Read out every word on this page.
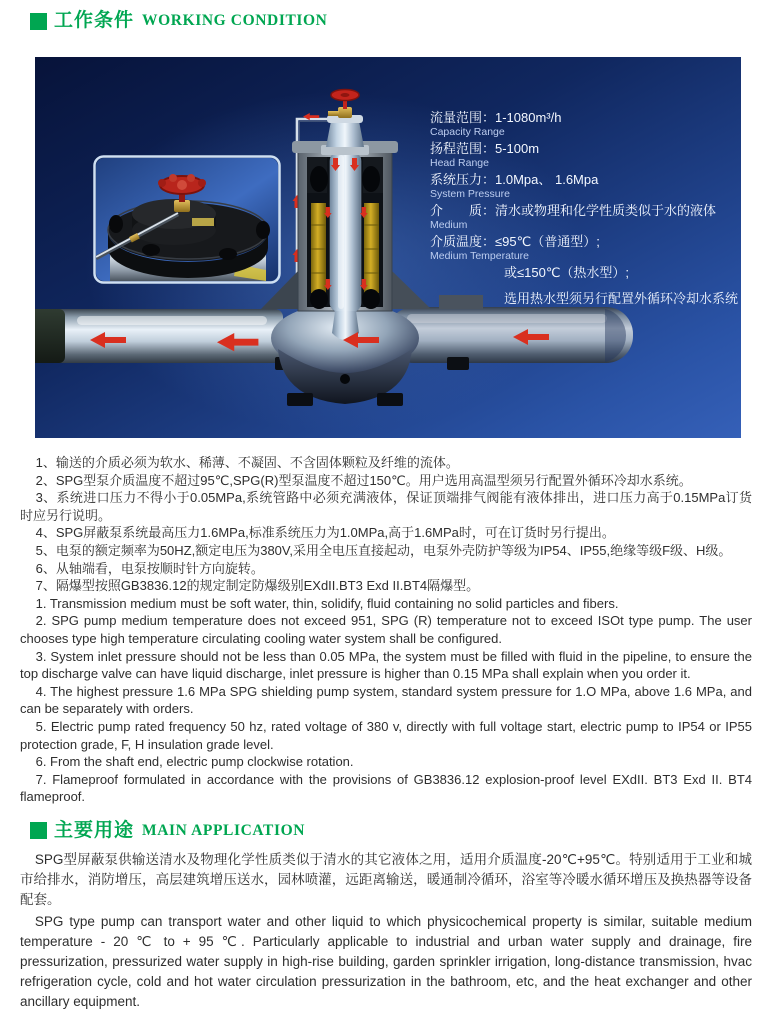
工作条件 WORKING CONDITION
流量范围：1-1080m³/h
Capacity Range
扬程范围：5-100m
Head Range
系统压力：1.0Mpa、 1.6Mpa
System Pressure
介　　质：清水或物理和化学性质类似于水的液体
Medium
介质温度：≤95℃（普通型）;
Medium Temperature
或≤150℃（热水型）;
选用热水型须另行配置外循环冷却水系统

1、输送的介质必须为软水、稀薄、不凝固、不含固体颗粒及纤维的流体。

2、SPG型泵介质温度不超过95℃,SPG(R)型泵温度不超过150℃。用户选用高温型须另行配置外循环冷却水系统。

3、系统进口压力不得小于0.05MPa,系统管路中必须充满液体，保证顶端排气阀能有液体排出，进口压力高于0.15MPa订货 时应另行说明。

4、SPG屏蔽泵系统最高压力1.6MPa,标准系统压力为1.0MPa,高于1.6MPa时，可在订货时另行提出。

5、电泵的额定频率为50HZ,额定电压为380V,采用全电压直接起动，电泵外壳防护等级为IP54、IP55,绝缘等级F级、H级。

6、从轴端看，电泵按顺时针方向旋转。

7、隔爆型按照GB3836.12的规定制定防爆级别EXdII.BT3 Exd II.BT4隔爆型。

1. Transmission medium must be soft water, thin, solidify, fluid containing no solid particles and fibers.

2. SPG pump medium temperature does not exceed 951, SPG (R) temperature not to exceed ISOt type pump. The user chooses type high temperature circulating cooling water system shall be configured.

3. System inlet pressure should not be less than 0.05 MPa, the system must be filled with fluid in the pipeline, to ensure the top discharge valve can have liquid discharge, inlet pressure is higher than 0.15 MPa shall explain when you order it.

4. The highest pressure 1.6 MPa SPG shielding pump system, standard system pressure for 1.O MPa, above 1.6 MPa, and can be separately with orders.

5. Electric pump rated frequency 50 hz, rated voltage of 380 v, directly with full voltage start, electric pump to IP54 or IP55 protection grade, F, H insulation grade level.

6. From the shaft end, electric pump clockwise rotation.

7. Flameproof formulated in accordance with the provisions of GB3836.12 explosion-proof level EXdII. BT3 Exd II. BT4 flameproof.

主要用途 MAIN APPLICATION

SPG型屏蔽泵供输送清水及物理化学性质类似于清水的其它液体之用，适用介质温度-20℃+95℃。特别适用于工业和城市给排水，消防增压，高层建筑增压送水，园林喷灌，远距离输送，暖通制冷循环，浴室等冷暖水循环增压及换热器等设备配套。

SPG type pump can transport water and other liquid to which physicochemical property is similar, suitable medium temperature - 20 ℃ to + 95 ℃. Particularly applicable to industrial and urban water supply and drainage, fire pressurization, pressurized water supply in high-rise building, garden sprinkler irrigation, long-distance transmission, hvac refrigeration cycle, cold and hot water circulation pressurization in the bathroom, etc, and the heat exchanger and other ancillary equipment.
